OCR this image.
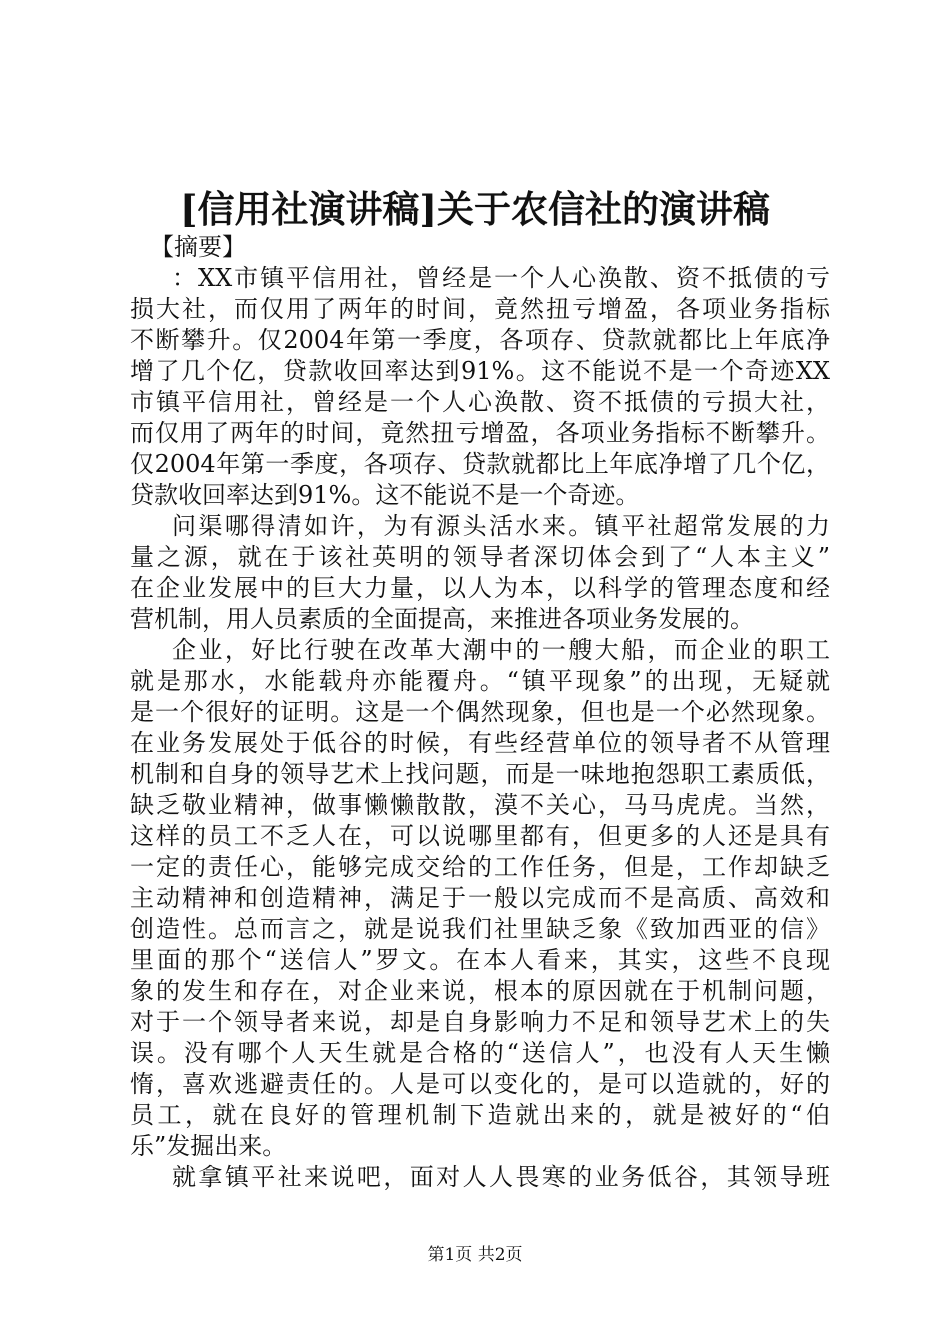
[信用社演讲稿]关于农信社的演讲稿
【摘要】
：XX市镇平信用社，曾经是一个人心涣散、资不抵债的亏
损大社，而仅用了两年的时间，竟然扭亏增盈，各项业务指标
不断攀升。仅2004年第一季度，各项存、贷款就都比上年底净
增了几个亿，贷款收回率达到91%。这不能说不是一个奇迹XX
市镇平信用社，曾经是一个人心涣散、资不抵债的亏损大社，
而仅用了两年的时间，竟然扭亏增盈，各项业务指标不断攀升。
仅2004年第一季度，各项存、贷款就都比上年底净增了几个亿，
贷款收回率达到91%。这不能说不是一个奇迹。
问渠哪得清如许，为有源头活水来。镇平社超常发展的力
量之源，就在于该社英明的领导者深切体会到了“人本主义”
在企业发展中的巨大力量，以人为本，以科学的管理态度和经
营机制，用人员素质的全面提高，来推进各项业务发展的。
企业，好比行驶在改革大潮中的一艘大船，而企业的职工
就是那水，水能载舟亦能覆舟。“镇平现象”的出现，无疑就
是一个很好的证明。这是一个偶然现象，但也是一个必然现象。
在业务发展处于低谷的时候，有些经营单位的领导者不从管理
机制和自身的领导艺术上找问题，而是一味地抱怨职工素质低，
缺乏敬业精神，做事懒懒散散，漠不关心，马马虎虎。当然，
这样的员工不乏人在，可以说哪里都有，但更多的人还是具有
一定的责任心，能够完成交给的工作任务，但是，工作却缺乏
主动精神和创造精神，满足于一般以完成而不是高质、高效和
创造性。总而言之，就是说我们社里缺乏象《致加西亚的信》
里面的那个“送信人”罗文。在本人看来，其实，这些不良现
象的发生和存在，对企业来说，根本的原因就在于机制问题，
对于一个领导者来说，却是自身影响力不足和领导艺术上的失
误。没有哪个人天生就是合格的“送信人”，也没有人天生懒
惰，喜欢逃避责任的。人是可以变化的，是可以造就的，好的
员工，就在良好的管理机制下造就出来的，就是被好的“伯
乐”发掘出来。
就拿镇平社来说吧，面对人人畏寒的业务低谷，其领导班
第1页 共2页
